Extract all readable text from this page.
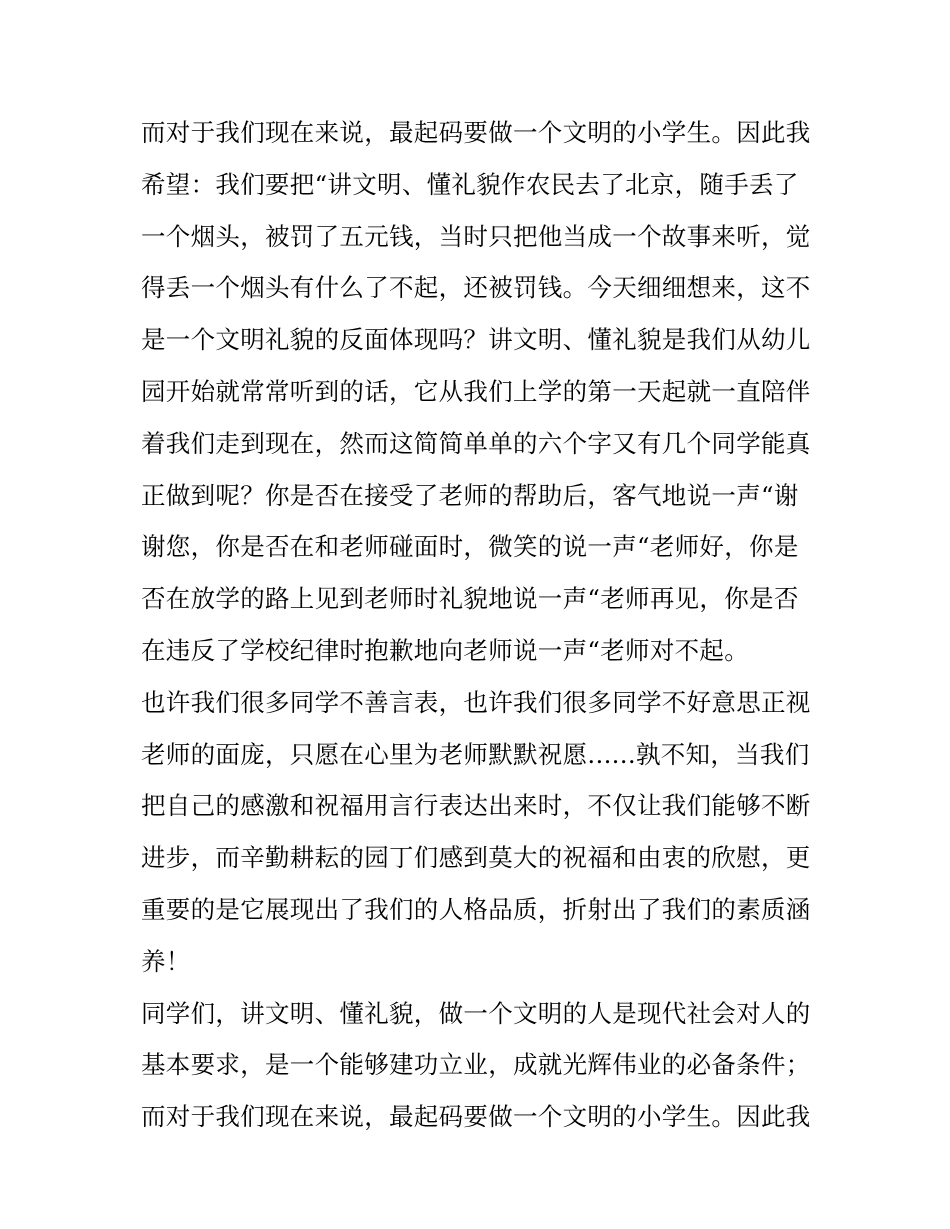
而对于我们现在来说，最起码要做一个文明的小学生。因此我
希望：我们要把“讲文明、懂礼貌作农民去了北京，随手丢了
一个烟头，被罚了五元钱，当时只把他当成一个故事来听，觉
得丢一个烟头有什么了不起，还被罚钱。今天细细想来，这不
是一个文明礼貌的反面体现吗？讲文明、懂礼貌是我们从幼儿
园开始就常常听到的话，它从我们上学的第一天起就一直陪伴
着我们走到现在，然而这简简单单的六个字又有几个同学能真
正做到呢？你是否在接受了老师的帮助后，客气地说一声“谢
谢您，你是否在和老师碰面时，微笑的说一声“老师好，你是
否在放学的路上见到老师时礼貌地说一声“老师再见，你是否
在违反了学校纪律时抱歉地向老师说一声“老师对不起。
也许我们很多同学不善言表，也许我们很多同学不好意思正视
老师的面庞，只愿在心里为老师默默祝愿......孰不知，当我们
把自己的感激和祝福用言行表达出来时，不仅让我们能够不断
进步，而辛勤耕耘的园丁们感到莫大的祝福和由衷的欣慰，更
重要的是它展现出了我们的人格品质，折射出了我们的素质涵
养！
同学们，讲文明、懂礼貌，做一个文明的人是现代社会对人的
基本要求，是一个能够建功立业，成就光辉伟业的必备条件；
而对于我们现在来说，最起码要做一个文明的小学生。因此我
